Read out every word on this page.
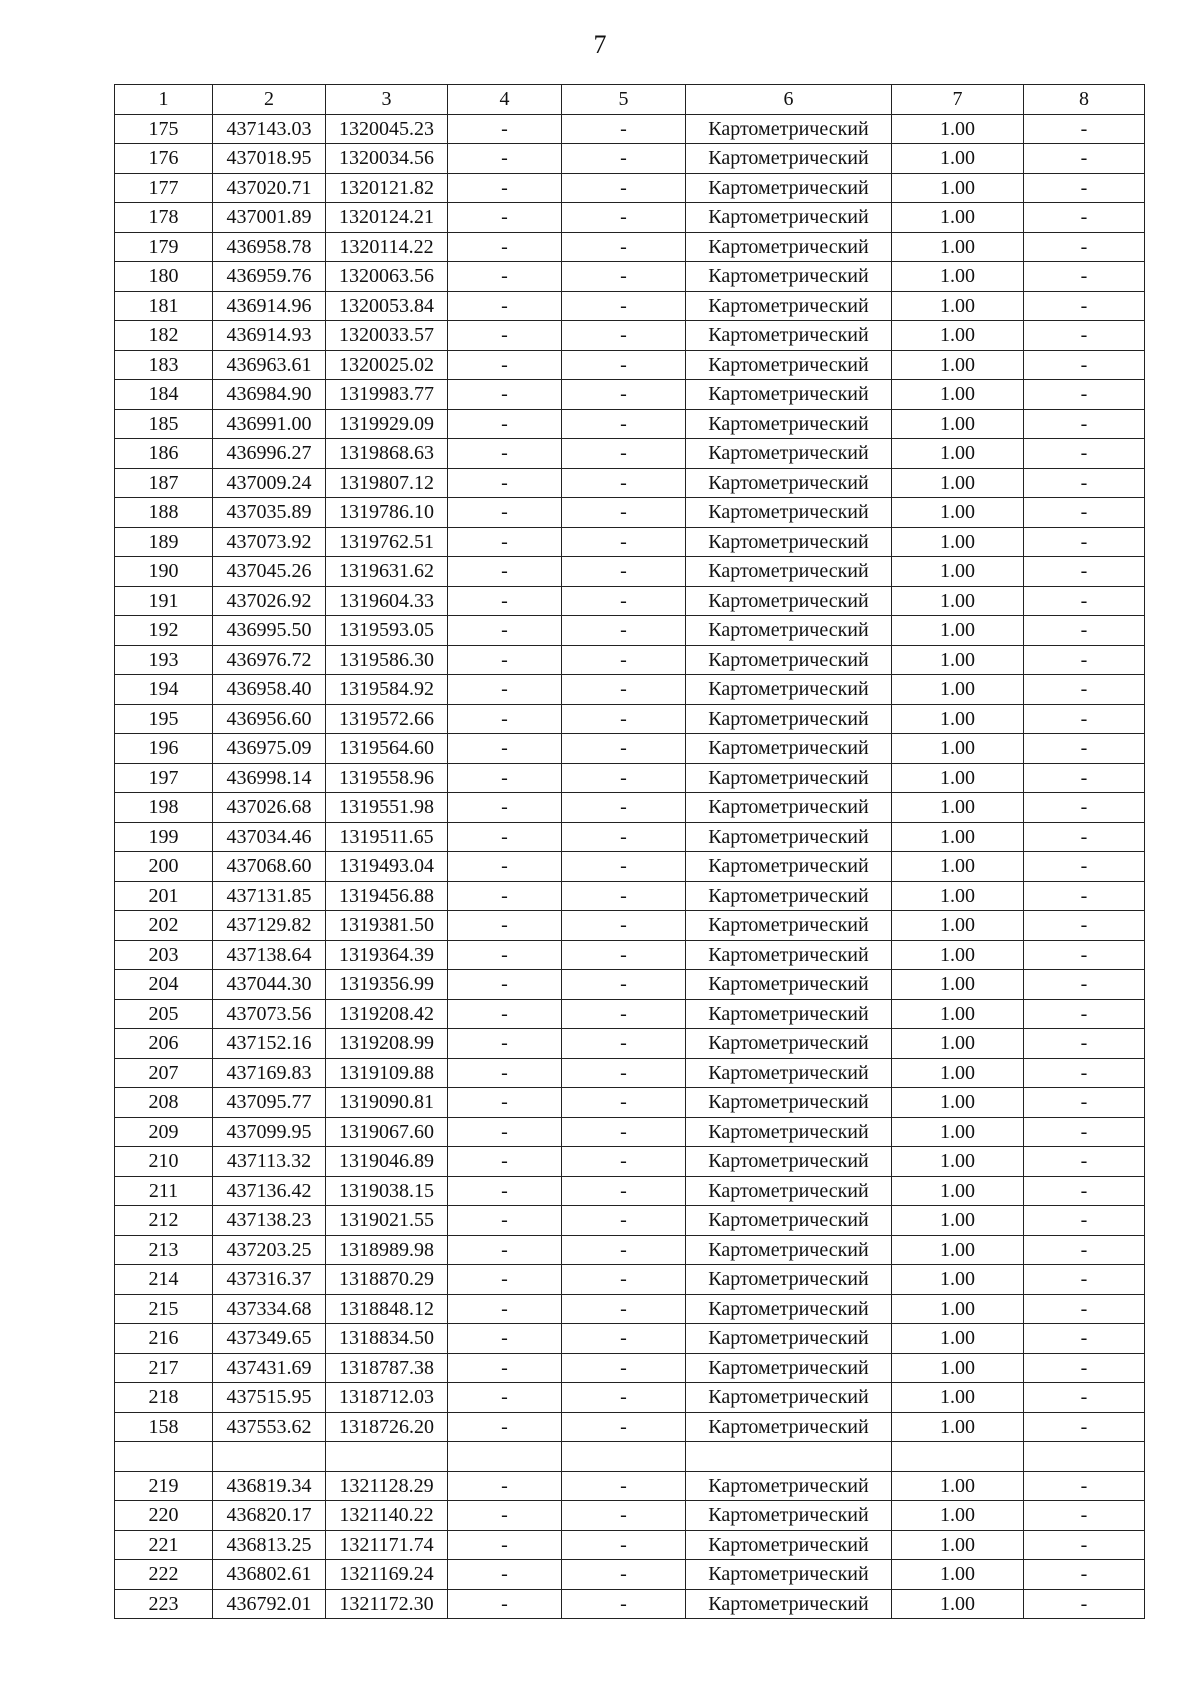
7
1	2	3	4	5	6	7	8
175	437143.03	1320045.23	-	-	Картометрический	1.00	-
176	437018.95	1320034.56	-	-	Картометрический	1.00	-
177	437020.71	1320121.82	-	-	Картометрический	1.00	-
178	437001.89	1320124.21	-	-	Картометрический	1.00	-
179	436958.78	1320114.22	-	-	Картометрический	1.00	-
180	436959.76	1320063.56	-	-	Картометрический	1.00	-
181	436914.96	1320053.84	-	-	Картометрический	1.00	-
182	436914.93	1320033.57	-	-	Картометрический	1.00	-
183	436963.61	1320025.02	-	-	Картометрический	1.00	-
184	436984.90	1319983.77	-	-	Картометрический	1.00	-
185	436991.00	1319929.09	-	-	Картометрический	1.00	-
186	436996.27	1319868.63	-	-	Картометрический	1.00	-
187	437009.24	1319807.12	-	-	Картометрический	1.00	-
188	437035.89	1319786.10	-	-	Картометрический	1.00	-
189	437073.92	1319762.51	-	-	Картометрический	1.00	-
190	437045.26	1319631.62	-	-	Картометрический	1.00	-
191	437026.92	1319604.33	-	-	Картометрический	1.00	-
192	436995.50	1319593.05	-	-	Картометрический	1.00	-
193	436976.72	1319586.30	-	-	Картометрический	1.00	-
194	436958.40	1319584.92	-	-	Картометрический	1.00	-
195	436956.60	1319572.66	-	-	Картометрический	1.00	-
196	436975.09	1319564.60	-	-	Картометрический	1.00	-
197	436998.14	1319558.96	-	-	Картометрический	1.00	-
198	437026.68	1319551.98	-	-	Картометрический	1.00	-
199	437034.46	1319511.65	-	-	Картометрический	1.00	-
200	437068.60	1319493.04	-	-	Картометрический	1.00	-
201	437131.85	1319456.88	-	-	Картометрический	1.00	-
202	437129.82	1319381.50	-	-	Картометрический	1.00	-
203	437138.64	1319364.39	-	-	Картометрический	1.00	-
204	437044.30	1319356.99	-	-	Картометрический	1.00	-
205	437073.56	1319208.42	-	-	Картометрический	1.00	-
206	437152.16	1319208.99	-	-	Картометрический	1.00	-
207	437169.83	1319109.88	-	-	Картометрический	1.00	-
208	437095.77	1319090.81	-	-	Картометрический	1.00	-
209	437099.95	1319067.60	-	-	Картометрический	1.00	-
210	437113.32	1319046.89	-	-	Картометрический	1.00	-
211	437136.42	1319038.15	-	-	Картометрический	1.00	-
212	437138.23	1319021.55	-	-	Картометрический	1.00	-
213	437203.25	1318989.98	-	-	Картометрический	1.00	-
214	437316.37	1318870.29	-	-	Картометрический	1.00	-
215	437334.68	1318848.12	-	-	Картометрический	1.00	-
216	437349.65	1318834.50	-	-	Картометрический	1.00	-
217	437431.69	1318787.38	-	-	Картометрический	1.00	-
218	437515.95	1318712.03	-	-	Картометрический	1.00	-
158	437553.62	1318726.20	-	-	Картометрический	1.00	-

219	436819.34	1321128.29	-	-	Картометрический	1.00	-
220	436820.17	1321140.22	-	-	Картометрический	1.00	-
221	436813.25	1321171.74	-	-	Картометрический	1.00	-
222	436802.61	1321169.24	-	-	Картометрический	1.00	-
223	436792.01	1321172.30	-	-	Картометрический	1.00	-
